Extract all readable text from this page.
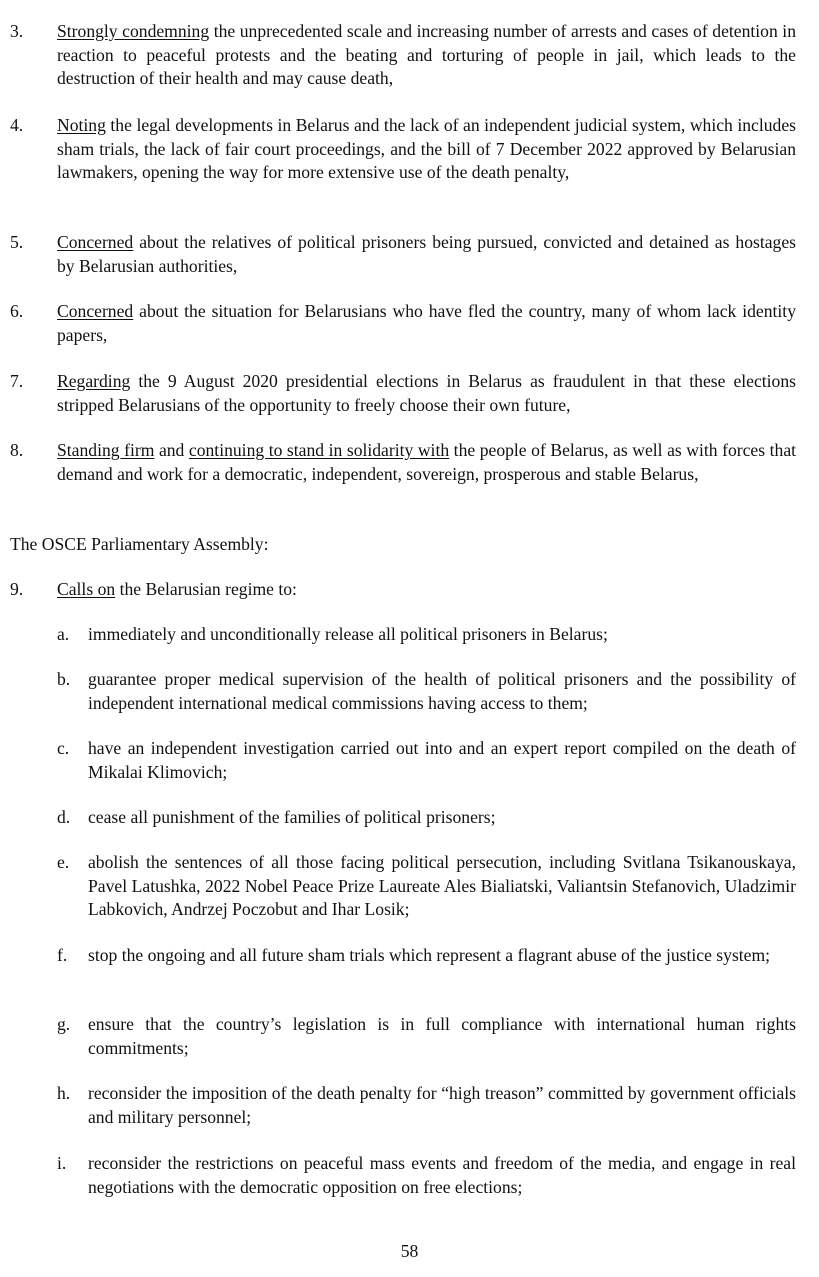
3.	Strongly condemning the unprecedented scale and increasing number of arrests and cases of detention in reaction to peaceful protests and the beating and torturing of people in jail, which leads to the destruction of their health and may cause death,
4.	Noting the legal developments in Belarus and the lack of an independent judicial system, which includes sham trials, the lack of fair court proceedings, and the bill of 7 December 2022 approved by Belarusian lawmakers, opening the way for more extensive use of the death penalty,
5.	Concerned about the relatives of political prisoners being pursued, convicted and detained as hostages by Belarusian authorities,
6.	Concerned about the situation for Belarusians who have fled the country, many of whom lack identity papers,
7.	Regarding the 9 August 2020 presidential elections in Belarus as fraudulent in that these elections stripped Belarusians of the opportunity to freely choose their own future,
8.	Standing firm and continuing to stand in solidarity with the people of Belarus, as well as with forces that demand and work for a democratic, independent, sovereign, prosperous and stable Belarus,
The OSCE Parliamentary Assembly:
9.	Calls on the Belarusian regime to:
a.	immediately and unconditionally release all political prisoners in Belarus;
b.	guarantee proper medical supervision of the health of political prisoners and the possibility of independent international medical commissions having access to them;
c.	have an independent investigation carried out into and an expert report compiled on the death of Mikalai Klimovich;
d.	cease all punishment of the families of political prisoners;
e.	abolish the sentences of all those facing political persecution, including Svitlana Tsikanouskaya, Pavel Latushka, 2022 Nobel Peace Prize Laureate Ales Bialiatski, Valiantsin Stefanovich, Uladzimir Labkovich, Andrzej Poczobut and Ihar Losik;
f.	stop the ongoing and all future sham trials which represent a flagrant abuse of the justice system;
g.	ensure that the country’s legislation is in full compliance with international human rights commitments;
h.	reconsider the imposition of the death penalty for “high treason” committed by government officials and military personnel;
i.	reconsider the restrictions on peaceful mass events and freedom of the media, and engage in real negotiations with the democratic opposition on free elections;
58
